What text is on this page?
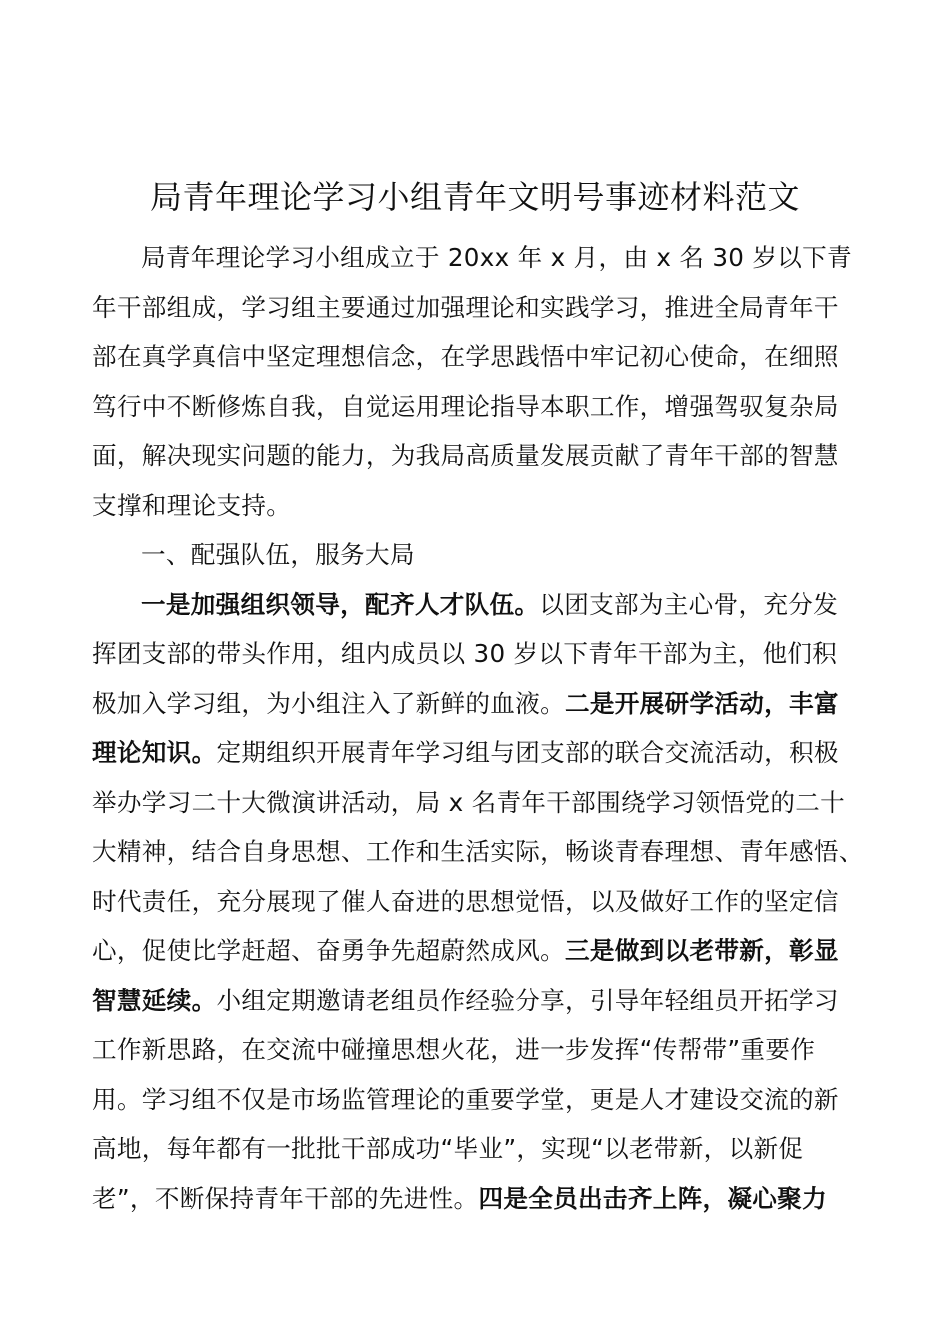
局青年理论学习小组青年文明号事迹材料范文
局青年理论学习小组成立于 20xx 年 x 月，由 x 名 30 岁以下青
年干部组成，学习组主要通过加强理论和实践学习，推进全局青年干
部在真学真信中坚定理想信念，在学思践悟中牢记初心使命，在细照
笃行中不断修炼自我，自觉运用理论指导本职工作，增强驾驭复杂局
面，解决现实问题的能力，为我局高质量发展贡献了青年干部的智慧
支撑和理论支持。
一、配强队伍，服务大局
一是加强组织领导，配齐人才队伍。以团支部为主心骨，充分发
挥团支部的带头作用，组内成员以 30 岁以下青年干部为主，他们积
极加入学习组，为小组注入了新鲜的血液。二是开展研学活动，丰富
理论知识。定期组织开展青年学习组与团支部的联合交流活动，积极
举办学习二十大微演讲活动，局 x 名青年干部围绕学习领悟党的二十
大精神，结合自身思想、工作和生活实际，畅谈青春理想、青年感悟、
时代责任，充分展现了催人奋进的思想觉悟，以及做好工作的坚定信
心，促使比学赶超、奋勇争先超蔚然成风。三是做到以老带新，彰显
智慧延续。小组定期邀请老组员作经验分享，引导年轻组员开拓学习
工作新思路，在交流中碰撞思想火花，进一步发挥“传帮带”重要作
用。学习组不仅是市场监管理论的重要学堂，更是人才建设交流的新
高地，每年都有一批批干部成功“毕业”，实现“以老带新，以新促
老”，不断保持青年干部的先进性。四是全员出击齐上阵，凝心聚力
